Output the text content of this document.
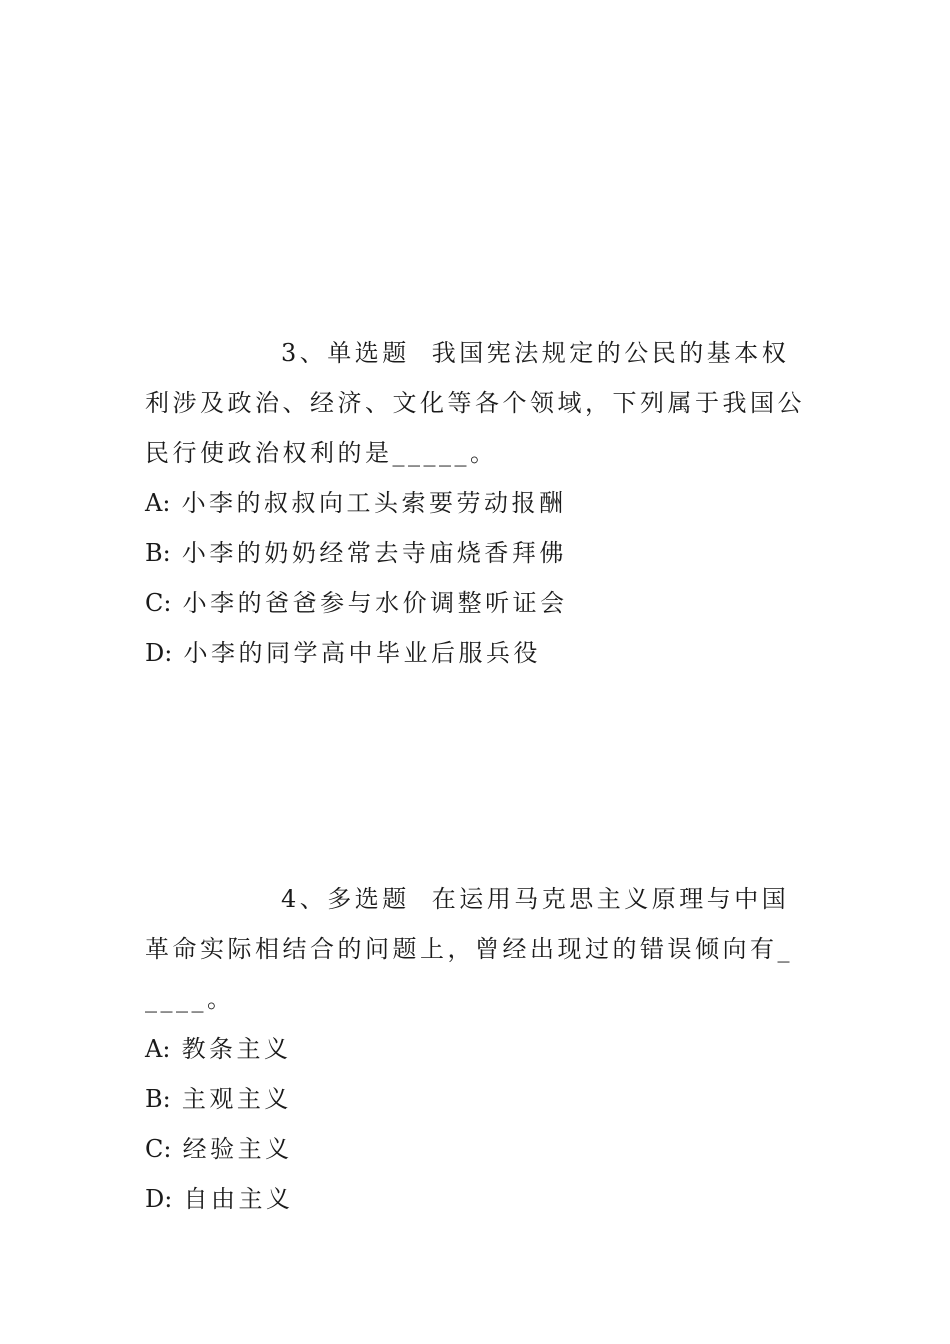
3、单选题 我国宪法规定的公民的基本权利涉及政治、经济、文化等各个领域，下列属于我国公民行使政治权利的是_____。

A: 小李的叔叔向工头索要劳动报酬

B: 小李的奶奶经常去寺庙烧香拜佛

C: 小李的爸爸参与水价调整听证会

D: 小李的同学高中毕业后服兵役

4、多选题 在运用马克思主义原理与中国革命实际相结合的问题上，曾经出现过的错误倾向有_____。

A: 教条主义

B: 主观主义

C: 经验主义

D: 自由主义
